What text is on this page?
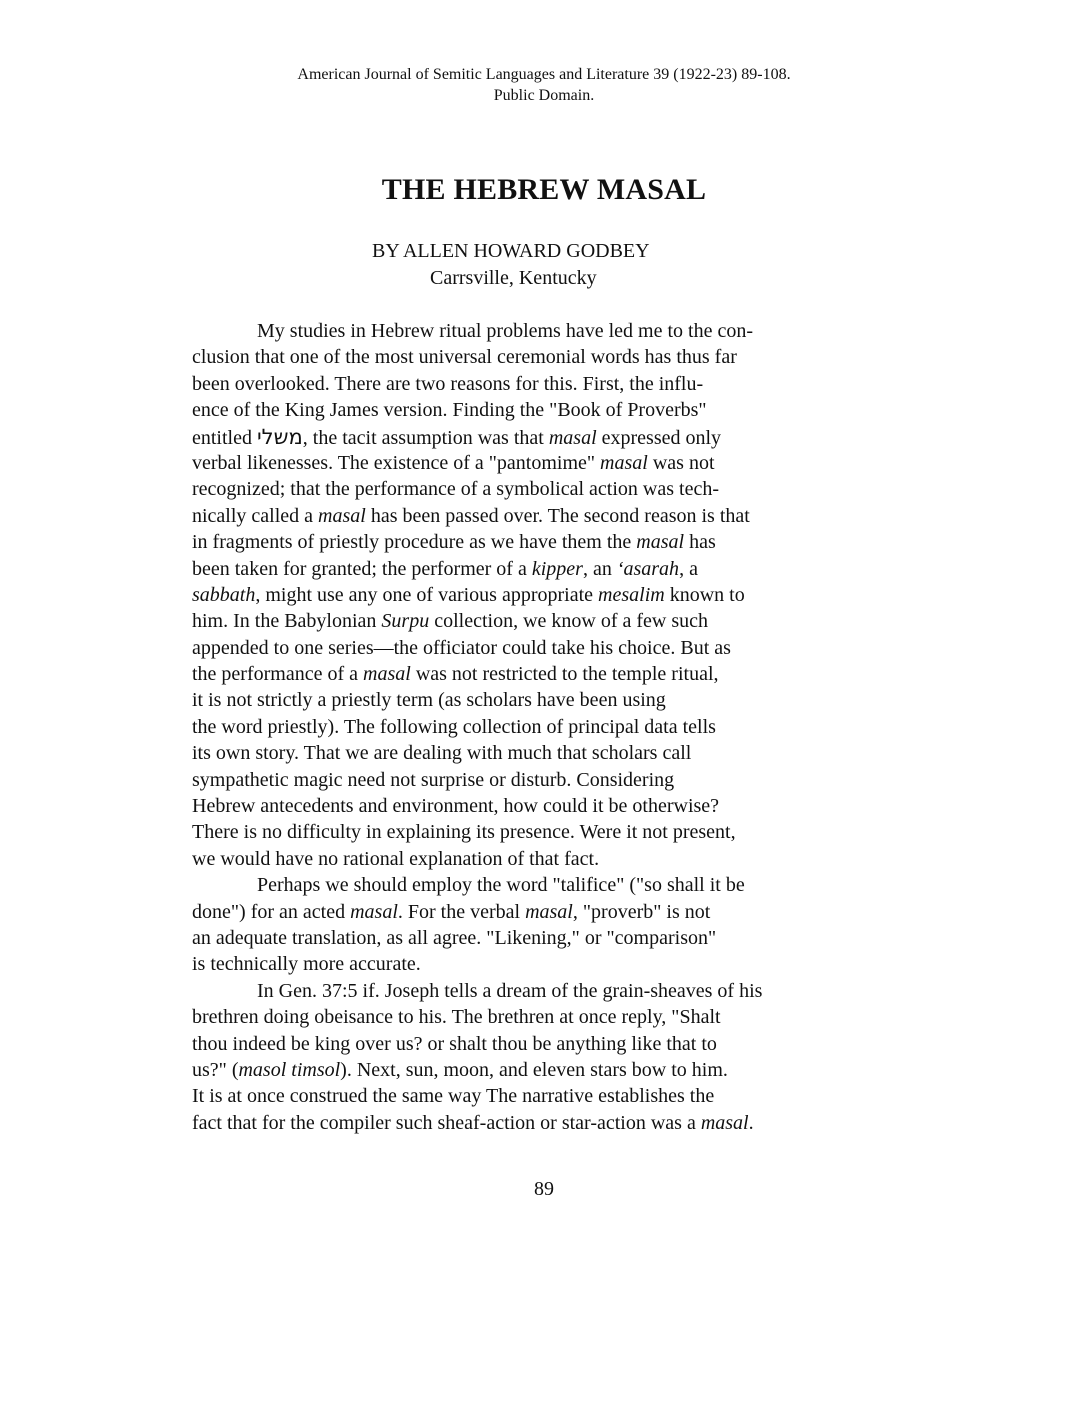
American Journal of Semitic Languages and Literature 39 (1922-23) 89-108.
Public Domain.
THE HEBREW MASAL
BY ALLEN HOWARD GODBEY
Carrsville, Kentucky
My studies in Hebrew ritual problems have led me to the con-
clusion that one of the most universal ceremonial words has thus far
been overlooked. There are two reasons for this. First, the influ-
ence of the King James version. Finding the "Book of Proverbs"
entitled משלי, the tacit assumption was that masal expressed only
verbal likenesses. The existence of a "pantomime" masal was not
recognized; that the performance of a symbolical action was tech-
nically called a masal has been passed over. The second reason is that
in fragments of priestly procedure as we have them the masal has
been taken for granted; the performer of a kipper, an ‘asarah, a
sabbath, might use any one of various appropriate mesalim known to
him. In the Babylonian Surpu collection, we know of a few such
appended to one series—the officiator could take his choice. But as
the performance of a masal was not restricted to the temple ritual,
it is not strictly a priestly term (as scholars have been using
the word priestly). The following collection of principal data tells
its own story. That we are dealing with much that scholars call
sympathetic magic need not surprise or disturb. Considering
Hebrew antecedents and environment, how could it be otherwise?
There is no difficulty in explaining its presence. Were it not present,
we would have no rational explanation of that fact.
Perhaps we should employ the word "talifice" ("so shall it be
done") for an acted masal. For the verbal masal, "proverb" is not
an adequate translation, as all agree. "Likening," or "comparison"
is technically more accurate.
In Gen. 37:5 if. Joseph tells a dream of the grain-sheaves of his
brethren doing obeisance to his. The brethren at once reply, "Shalt
thou indeed be king over us? or shalt thou be anything like that to
us?" (masol timsol). Next, sun, moon, and eleven stars bow to him.
It is at once construed the same way The narrative establishes the
fact that for the compiler such sheaf-action or star-action was a masal.
89
